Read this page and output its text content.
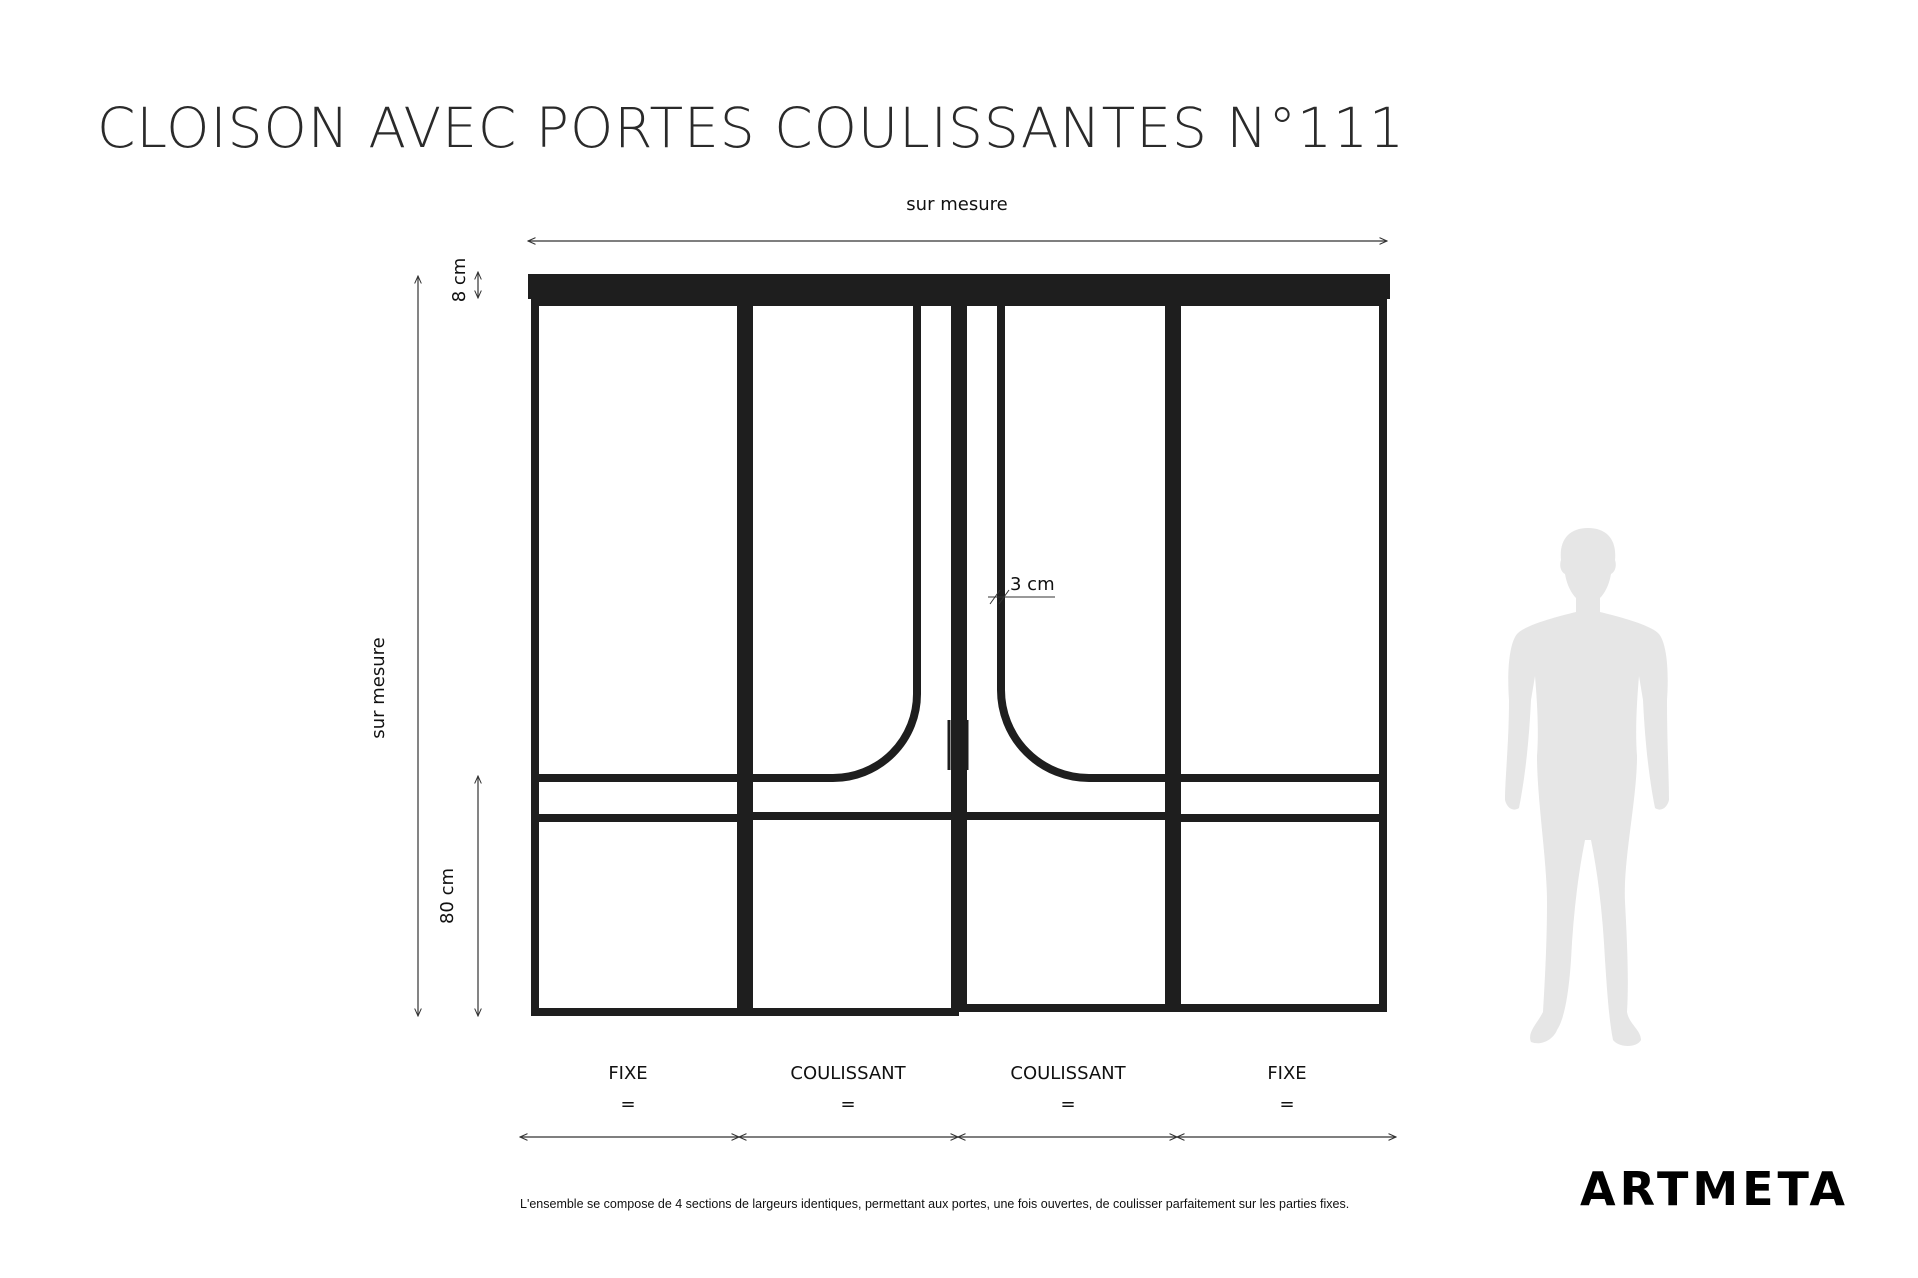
CLOISON AVEC PORTES COULISSANTES N°111
sur mesure
sur mesure
8 cm
80 cm
3 cm
FIXE	COULISSANT	COULISSANT	FIXE
=	=	=	=
L'ensemble se compose de 4 sections de largeurs identiques, permettant aux portes, une fois ouvertes, de coulisser parfaitement sur les parties fixes.	ARTMETA
